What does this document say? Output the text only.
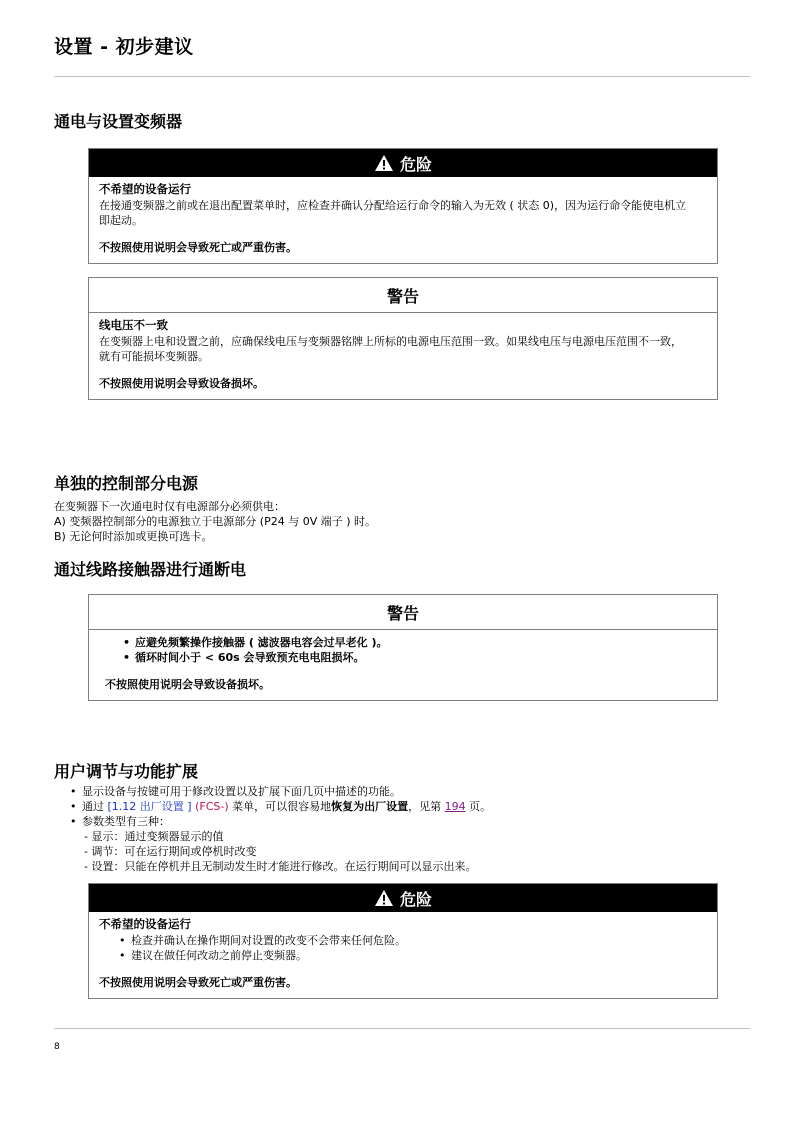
设置 - 初步建议
通电与设置变频器
危险
不希望的设备运行
在接通变频器之前或在退出配置菜单时，应检查并确认分配给运行命令的输入为无效 ( 状态 0)，因为运行命令能使电机立
即起动。
不按照使用说明会导致死亡或严重伤害。
警告
线电压不一致
在变频器上电和设置之前，应确保线电压与变频器铭牌上所标的电源电压范围一致。如果线电压与电源电压范围不一致，
就有可能损坏变频器。
不按照使用说明会导致设备损坏。
单独的控制部分电源
在变频器下一次通电时仅有电源部分必须供电：
A) 变频器控制部分的电源独立于电源部分 (P24 与 0V 端子 ) 时。
B) 无论何时添加或更换可选卡。
通过线路接触器进行通断电
警告
• 应避免频繁操作接触器 ( 滤波器电容会过早老化 )。
• 循环时间小于 < 60s 会导致预充电电阻损坏。
不按照使用说明会导致设备损坏。
用户调节与功能扩展
• 显示设备与按键可用于修改设置以及扩展下面几页中描述的功能。
• 通过 [1.12 出厂设置 ] (FCS-) 菜单，可以很容易地恢复为出厂设置，见第 194 页。
• 参数类型有三种：
- 显示：通过变频器显示的值
- 调节：可在运行期间或停机时改变
- 设置：只能在停机并且无制动发生时才能进行修改。在运行期间可以显示出来。
危险
不希望的设备运行
• 检查并确认在操作期间对设置的改变不会带来任何危险。
• 建议在做任何改动之前停止变频器。
不按照使用说明会导致死亡或严重伤害。
8
